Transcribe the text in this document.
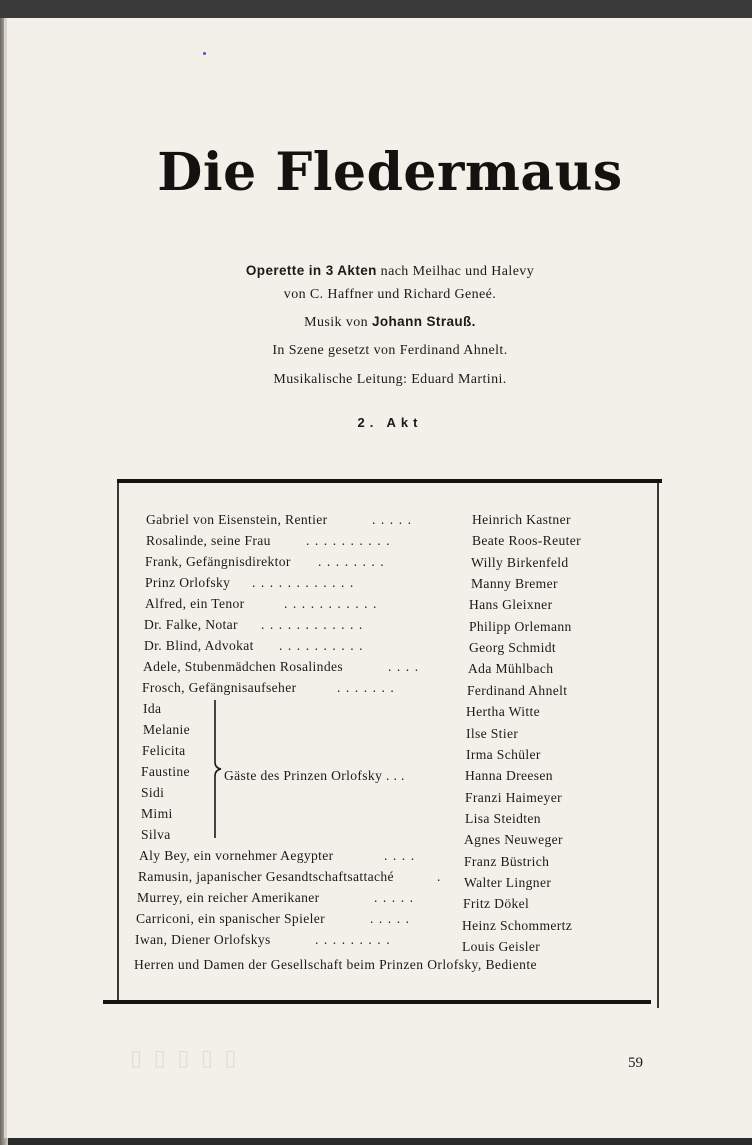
Die Fledermaus
Operette in 3 Akten nach Meilhac und Halevy
von C. Haffner und Richard Geneé.
Musik von Johann Strauß.
In Szene gesetzt von Ferdinand Ahnelt.
Musikalische Leitung: Eduard Martini.
2. Akt
Gabriel von Eisenstein, Rentier	.....	Heinrich Kastner
Rosalinde, seine Frau	..........	Beate Roos-Reuter
Frank, Gefängnisdirektor ........	Willy Birkenfeld
Prinz Orlofsky ............	Manny Bremer
Alfred, ein Tenor	...........	Hans Gleixner
Dr. Falke, Notar ............	Philipp Orlemann
Dr. Blind, Advokat ..........	Georg Schmidt
Adele, Stubenmädchen Rosalindes	....	Ada Mühlbach
Frosch, Gefängnisaufseher	.......	Ferdinand Ahnelt
Ida	Hertha Witte
Melanie	Ilse Stier
Felicita	Irma Schüler
Faustine	Hanna Dreesen
Sidi	Franzi Haimeyer
Mimi	Lisa Steidten
Silva	Agnes Neuweger
Aly Bey, ein vornehmer Aegypter	....	Franz Büstrich
Ramusin, japanischer Gesandtschaftsattaché	. Walter Lingner
Murrey, ein reicher Amerikaner	.....	Fritz Dökel
Carriconi, ein spanischer Spieler	.....	Heinz Schommertz
Iwan, Diener Orlofskys	.........	Louis Geisler
Gäste des Prinzen Orlofsky . . .
Herren und Damen der Gesellschaft beim Prinzen Orlofsky, Bediente
▯ ▯ ▯ ▯ ▯	59
